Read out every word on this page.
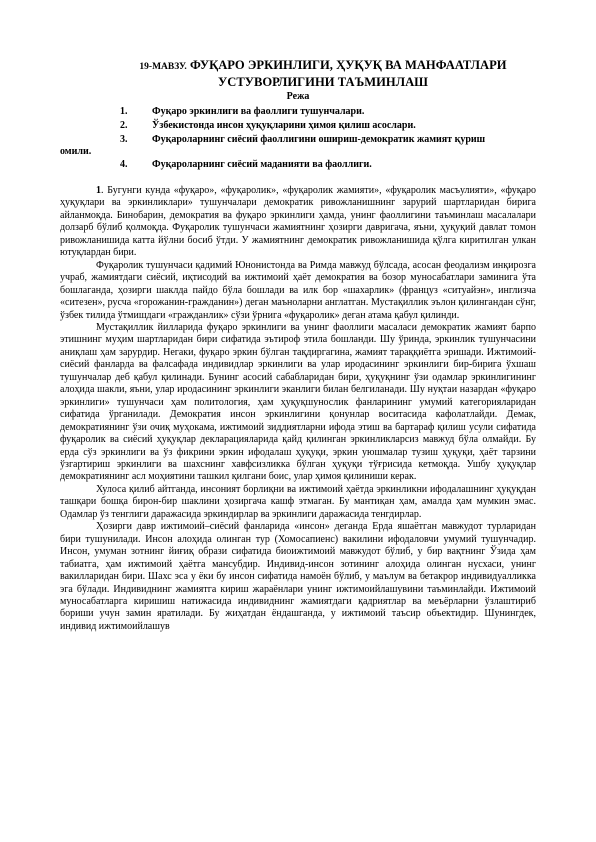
19-МАВЗУ. ФУҚАРО ЭРКИНЛИГИ, ҲУҚУҚ ВА МАНФААТЛАРИ УСТУВОРЛИГИНИ ТАЪМИНЛАШ
Режа
1. Фуқаро эркинлиги ва фаоллиги тушунчалари.
2. Ўзбекистонда инсон ҳуқуқларини ҳимоя қилиш асослари.
3. Фуқароларнинг сиёсий фаоллигини ошириш-демократик жамият қуриш
омили.
4. Фуқароларнинг сиёсий маданияти ва фаоллиги.

1. Бугунги кунда «фуқаро», «фуқаролик», «фуқаролик жамияти», «фуқаролик масъулияти», «фуқаро ҳуқуқлари ва эркинликлари» тушунчалари демократик ривожланишнинг зарурий шартларидан бирига айланмоқда. Бинобарин, демократия ва фуқаро эркинлиги ҳамда, унинг фаоллигини таъминлаш масалалари долзарб бўлиб қолмоқда. Фуқаролик тушунчаси жамиятнинг ҳозирги давригача, яъни, ҳуқуқий давлат томон ривожланишида катта йўлни босиб ўтди. У жамиятнинг демократик ривожланишида қўлга киритилган улкан ютуқлардан бири.

Фуқаролик тушунчаси қадимий Юнонистонда ва Римда мавжуд бўлсада, асосан феодализм инқирозга учраб, жамиятдаги сиёсий, иқтисодий ва ижтимоий ҳаёт демократия ва бозор муносабатлари заминига ўта бошлаганда, ҳозирги шаклда пайдо бўла бошлади ва илк бор «шахарлик» (француз «ситуайэн», инглизча «ситезен», русча «горожанин-гражданин») деган маъноларни англатган. Мустақиллик эълон қилингандан сўнг, ўзбек тилида ўтмишдаги «гражданлик» сўзи ўрнига «фуқаролик» деган атама қабул қилинди.

Мустақиллик йилларида фуқаро эркинлиги ва унинг фаоллиги масаласи демократик жамият барпо этишнинг муҳим шартларидан бири сифатида эътироф этила бошланди. Шу ўринда, эркинлик тушунчасини аниқлаш ҳам зарурдир. Негаки, фуқаро эркин бўлган тақдиргагина, жамият тараққиётга эришади. Ижтимоий-сиёсий фанларда ва фалсафада индивидлар эркинлиги ва улар иродасининг эркинлиги бир-бирига ўхшаш тушунчалар деб қабул қилинади. Бунинг асосий сабабларидан бири, ҳуқуқнинг ўзи одамлар эркинлигининг алоҳида шакли, яъни, улар иродасининг эркинлиги эканлиги билан белгиланади. Шу нуқтаи назардан «фуқаро эркинлиги» тушунчаси ҳам политология, ҳам ҳуқуқшунослик фанларининг умумий категорияларидан сифатида ўрганилади. Демократия инсон эркинлигини қонунлар воситасида кафолатлайди. Демак, демократиянинг ўзи очиқ муҳокама, ижтимоий зиддиятларни ифода этиш ва бартараф қилиш усули сифатида фуқаролик ва сиёсий ҳуқуқлар декларацияларида қайд қилинган эркинликларсиз мавжуд бўла олмайди. Бу ерда сўз эркинлиги ва ўз фикрини эркин ифодалаш ҳуқуқи, эркин уюшмалар тузиш ҳуқуқи, ҳаёт тарзини ўзгартириш эркинлиги ва шахснинг хавфсизликка бўлган ҳуқуқи тўғрисида кетмоқда. Ушбу ҳуқуқлар демократиянинг асл моҳиятини ташкил қилгани боис, улар ҳимоя қилиниши керак.

Хулоса қилиб айтганда, инсоният борлиқни ва ижтимоий ҳаётда эркинликни ифодалашнинг ҳуқуқдан ташқари бошқа бирон-бир шаклини ҳозиргача кашф этмаган. Бу мантиқан ҳам, амалда ҳам мумкин эмас. Одамлар ўз тенглиги даражасида эркиндирлар ва эркинлиги даражасида тенгдирлар.

Ҳозирги давр ижтимоий–сиёсий фанларида «инсон» деганда Ерда яшаётган мавжудот турларидан бири тушунилади. Инсон алоҳида олинган тур (Хомосапиенс) вакилини ифодаловчи умумий тушунчадир. Инсон, умуман зотнинг йиғиқ образи сифатида биоижтимоий мавжудот бўлиб, у бир вақтнинг Ўзида ҳам табиатга, ҳам ижтимоий ҳаётга мансубдир. Индивид-инсон зотининг алоҳида олинган нусхаси, унинг вакилларидан бири. Шахс эса у ёки бу инсон сифатида намоён бўлиб, у маълум ва бетакрор индивидуалликка эга бўлади. Индивиднинг жамиятга кириш жараёнлари унинг ижтимоийлашувини таъминлайди. Ижтимоий муносабатларга киришиш натижасида индивиднинг жамиятдаги қадриятлар ва меъёрларни ўзлаштириб бориши учун замин яратилади. Бу жиҳатдан ёндашганда, у ижтимоий таъсир объектидир. Шунингдек, индивид ижтимоийлашув
